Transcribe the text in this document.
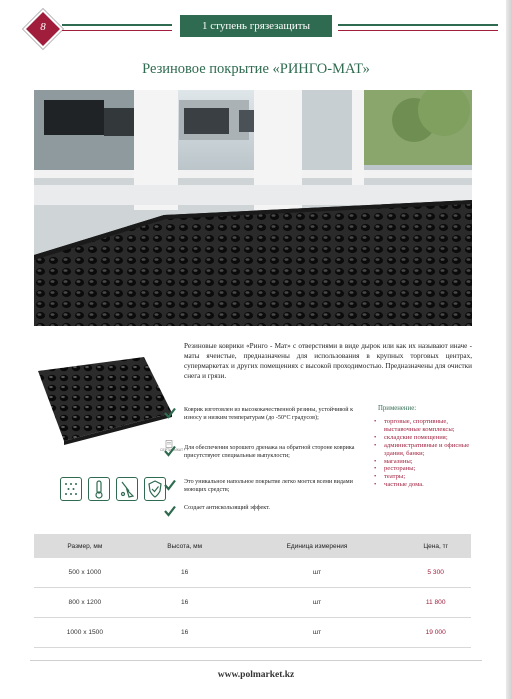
8	1 ступень грязезащиты
Резиновое покрытие «РИНГО-МАТ»
Резиновые коврики «Ринго - Мат» с отверстиями в виде дырок или как их называют иначе - маты ячеистые, предназначены для использования в крупных торговых центрах, супермаркетах и других помещениях с высокой проходимостью. Предназначены для очистки снега и грязи.
СЕРТИФИКАТ
Коврик изготовлен из высококачественной резины, устойчивой к износу и низким температурам (до -50°С градусов);
Для обеспечения хорошего дренажа на обратной стороне коврика присутствуют специальные выпуклости;
Это уникальное напольное покрытие легко моется всеми видами моющих средств;
Создает антискользящий эффект.
Применение:
• торговые, спортивные, выставочные комплексы;
• складские помещения;
• административные и офисные здания, банки;
• магазины;
• рестораны;
• театры;
• частные дома.
Размер, мм	Высота, мм	Единица измерения	Цена, тг
500 х 1000	16	шт	5 300
800 х 1200	16	шт	11 800
1000 х 1500	16	шт	19 000
www.polmarket.kz
